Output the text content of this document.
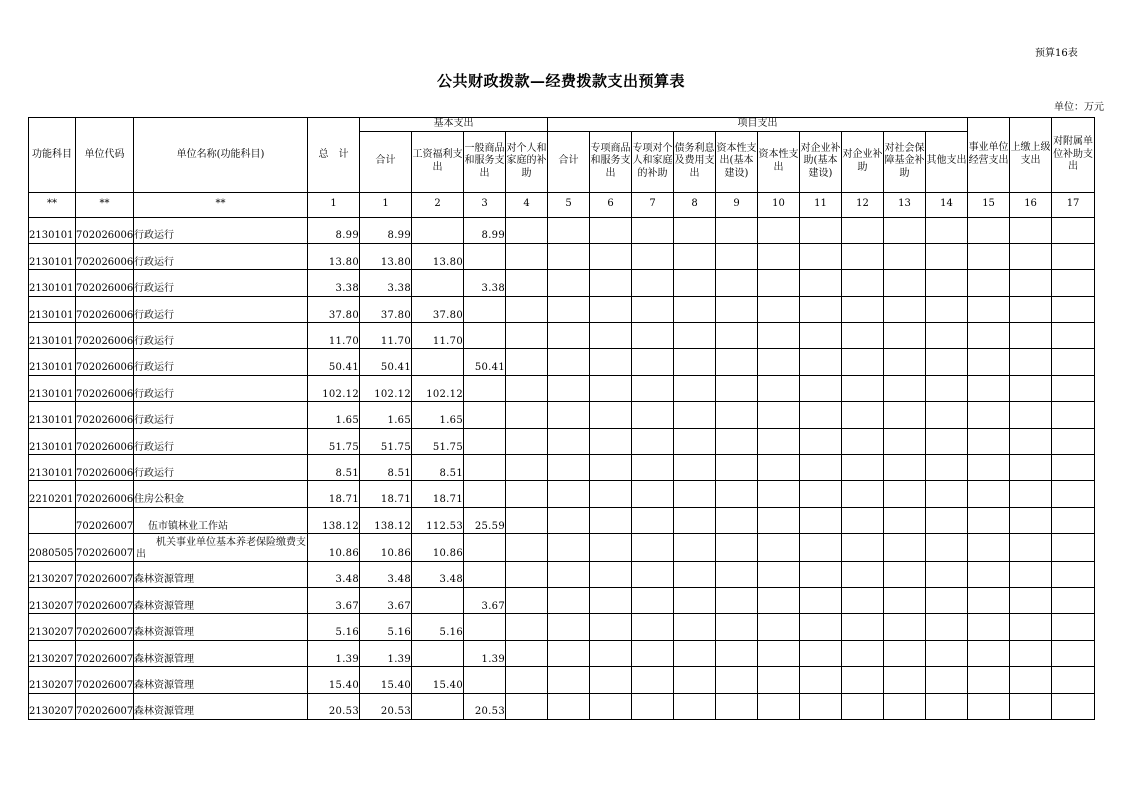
预算16表
公共财政拨款—经费拨款支出预算表
单位：万元
功能科目	单位代码	单位名称(功能科目)	总　计	基本支出				项目支出										事业单位经营支出	上缴上级支出	对附属单位补助支出
				合计	工资福利支出	一般商品和服务支出	对个人和家庭的补助	合计	专项商品和服务支出	专项对个人和家庭的补助	债务利息及费用支出	资本性支出(基本建设)	资本性支出	对企业补助(基本建设)	对企业补助	对社会保障基金补助	其他支出			
**	**	**	1	1	2	3	4	5	6	7	8	9	10	11	12	13	14	15	16	17
2130101	702026006	行政运行	8.99	8.99		8.99														
2130101	702026006	行政运行	13.80	13.80	13.80															
2130101	702026006	行政运行	3.38	3.38		3.38														
2130101	702026006	行政运行	37.80	37.80	37.80															
2130101	702026006	行政运行	11.70	11.70	11.70															
2130101	702026006	行政运行	50.41	50.41		50.41														
2130101	702026006	行政运行	102.12	102.12	102.12															
2130101	702026006	行政运行	1.65	1.65	1.65															
2130101	702026006	行政运行	51.75	51.75	51.75															
2130101	702026006	行政运行	8.51	8.51	8.51															
2210201	702026006	住房公积金	18.71	18.71	18.71															
	702026007	伍市镇林业工作站	138.12	138.12	112.53	25.59														
2080505	702026007	机关事业单位基本养老保险缴费支出	10.86	10.86	10.86															
2130207	702026007	森林资源管理	3.48	3.48	3.48															
2130207	702026007	森林资源管理	3.67	3.67		3.67														
2130207	702026007	森林资源管理	5.16	5.16	5.16															
2130207	702026007	森林资源管理	1.39	1.39		1.39														
2130207	702026007	森林资源管理	15.40	15.40	15.40															
2130207	702026007	森林资源管理	20.53	20.53		20.53														
